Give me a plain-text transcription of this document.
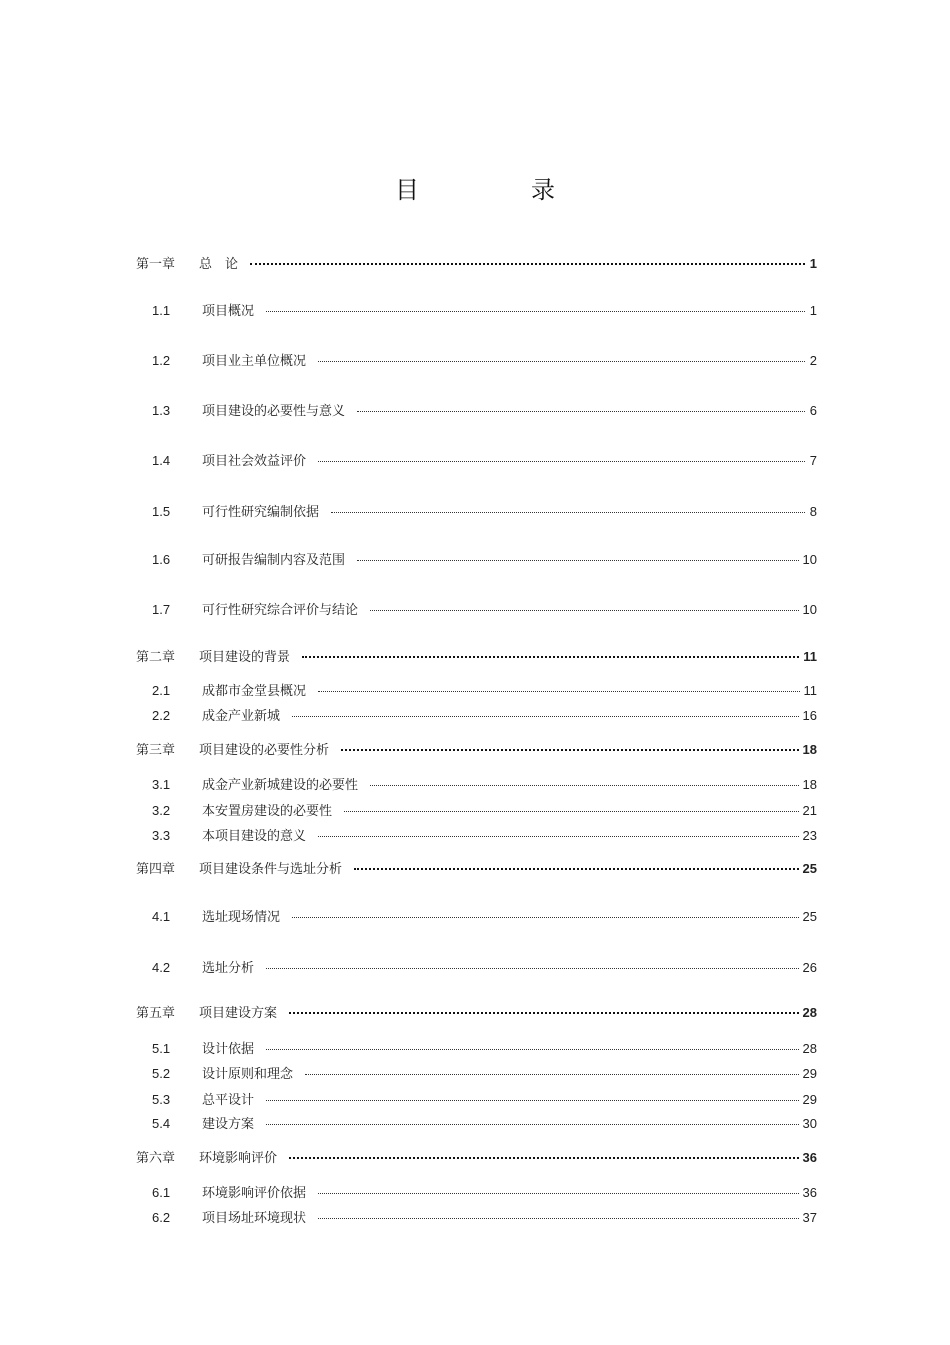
目　录
第一章	总　论	1
1.1	项目概况	1
1.2	项目业主单位概况	2
1.3	项目建设的必要性与意义	6
1.4	项目社会效益评价	7
1.5	可行性研究编制依据	8
1.6	可研报告编制内容及范围	10
1.7	可行性研究综合评价与结论	10
第二章	项目建设的背景	11
2.1	成都市金堂县概况	11
2.2	成金产业新城	16
第三章	项目建设的必要性分析	18
3.1	成金产业新城建设的必要性	18
3.2	本安置房建设的必要性	21
3.3	本项目建设的意义	23
第四章	项目建设条件与选址分析	25
4.1	选址现场情况	25
4.2	选址分析	26
第五章	项目建设方案	28
5.1	设计依据	28
5.2	设计原则和理念	29
5.3	总平设计	29
5.4	建设方案	30
第六章	环境影响评价	36
6.1	环境影响评价依据	36
6.2	项目场址环境现状	37
